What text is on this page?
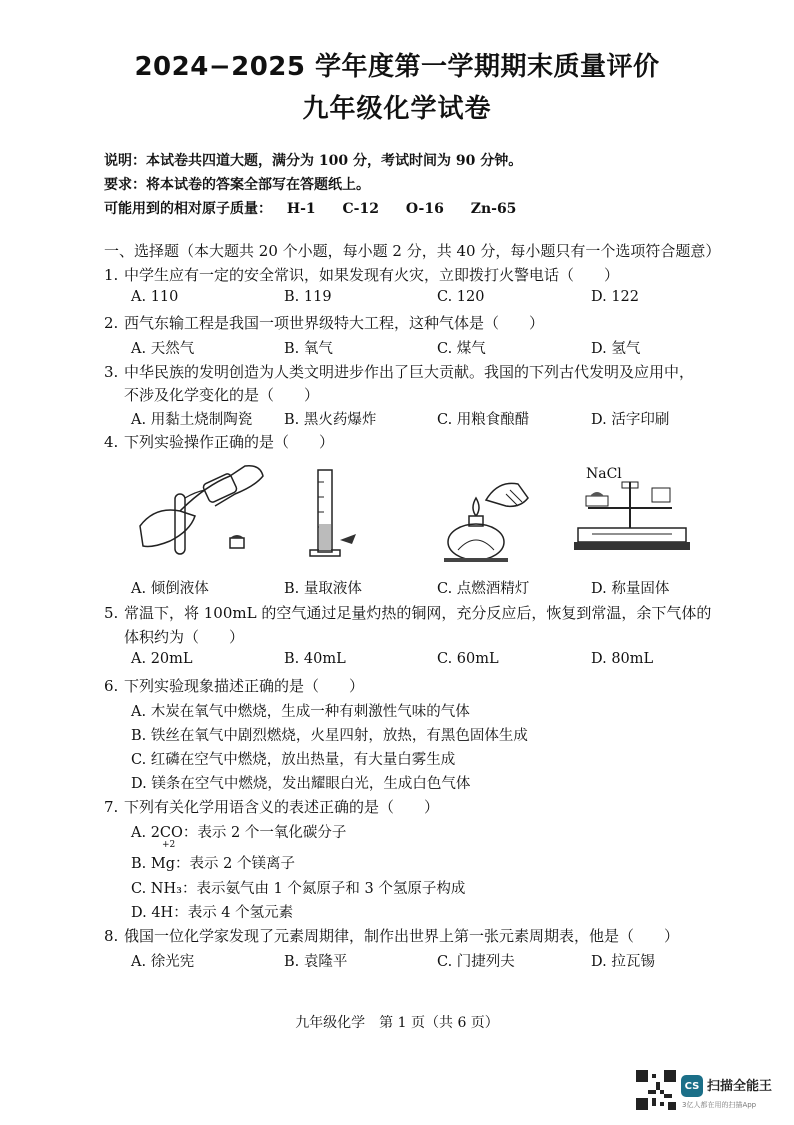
2024−2025 学年度第一学期期末质量评价
九年级化学试卷
说明：本试卷共四道大题，满分为 100 分，考试时间为 90 分钟。
要求：将本试卷的答案全部写在答题纸上。
可能用到的相对原子质量： H-1 C-12 O-16 Zn-65
一、选择题（本大题共 20 个小题，每小题 2 分，共 40 分，每小题只有一个选项符合题意）
1. 中学生应有一定的安全常识，如果发现有火灾，立即拨打火警电话（　　）
A. 110	B. 119	C. 120	D. 122
2. 西气东输工程是我国一项世界级特大工程，这种气体是（　　）
A. 天然气	B. 氧气	C. 煤气	D. 氢气
3. 中华民族的发明创造为人类文明进步作出了巨大贡献。我国的下列古代发明及应用中，
不涉及化学变化的是（　　）
A. 用黏土烧制陶瓷 B. 黑火药爆炸	C. 用粮食酿醋	D. 活字印刷
4. 下列实验操作正确的是（　　）
NaCl
A. 倾倒液体	B. 量取液体	C. 点燃酒精灯	D. 称量固体
5. 常温下，将 100mL 的空气通过足量灼热的铜网，充分反应后，恢复到常温，余下气体的
体积约为（　　）
A. 20mL	B. 40mL	C. 60mL	D. 80mL
6. 下列实验现象描述正确的是（　　）
A. 木炭在氧气中燃烧，生成一种有刺激性气味的气体
B. 铁丝在氧气中剧烈燃烧，火星四射，放热，有黑色固体生成
C. 红磷在空气中燃烧，放出热量，有大量白雾生成
D. 镁条在空气中燃烧，发出耀眼白光，生成白色气体
7. 下列有关化学用语含义的表述正确的是（　　）
A. 2CO：表示 2 个一氧化碳分子
+2
B. Mg：表示 2 个镁离子
C. NH₃：表示氨气由 1 个氮原子和 3 个氢原子构成
D. 4H：表示 4 个氢元素
8. 俄国一位化学家发现了元素周期律，制作出世界上第一张元素周期表，他是（　　）
A. 徐光宪	B. 袁隆平	C. 门捷列夫	D. 拉瓦锡
九年级化学　第 1 页（共 6 页）
CS 扫描全能王
3亿人都在用的扫描App
